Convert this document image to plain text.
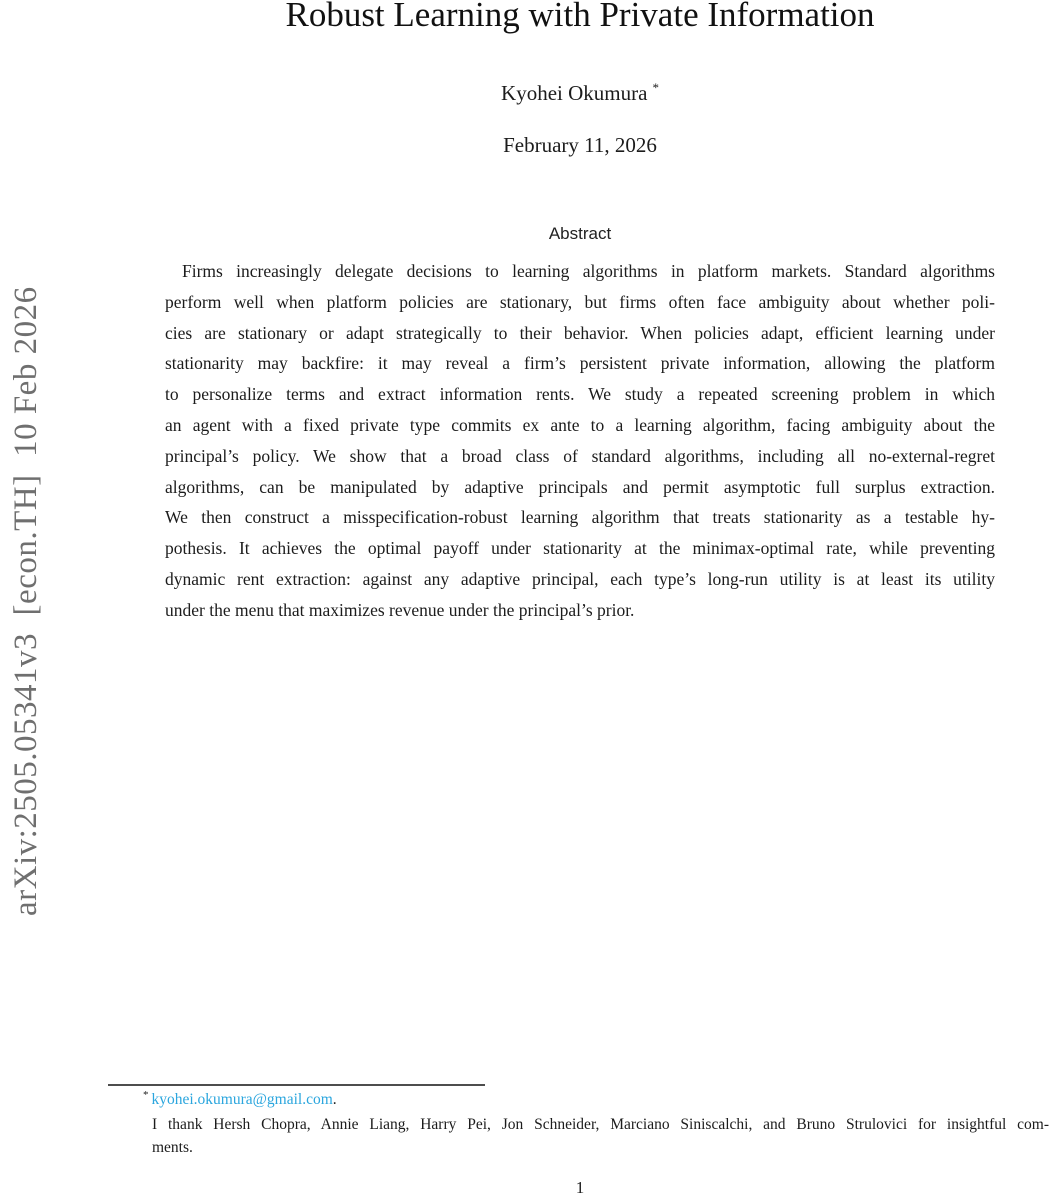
arXiv:2505.05341v3  [econ.TH]  10 Feb 2026
Robust Learning with Private Information
Kyohei Okumura *
February 11, 2026
Abstract
Firms increasingly delegate decisions to learning algorithms in platform markets. Standard algorithms
perform well when platform policies are stationary, but firms often face ambiguity about whether poli-
cies are stationary or adapt strategically to their behavior. When policies adapt, efficient learning under
stationarity may backfire: it may reveal a firm’s persistent private information, allowing the platform
to personalize terms and extract information rents. We study a repeated screening problem in which
an agent with a fixed private type commits ex ante to a learning algorithm, facing ambiguity about the
principal’s policy. We show that a broad class of standard algorithms, including all no-external-regret
algorithms, can be manipulated by adaptive principals and permit asymptotic full surplus extraction.
We then construct a misspecification-robust learning algorithm that treats stationarity as a testable hy-
pothesis. It achieves the optimal payoff under stationarity at the minimax-optimal rate, while preventing
dynamic rent extraction: against any adaptive principal, each type’s long-run utility is at least its utility
under the menu that maximizes revenue under the principal’s prior.
* kyohei.okumura@gmail.com.
I thank Hersh Chopra, Annie Liang, Harry Pei, Jon Schneider, Marciano Siniscalchi, and Bruno Strulovici for insightful com-
ments.
1
